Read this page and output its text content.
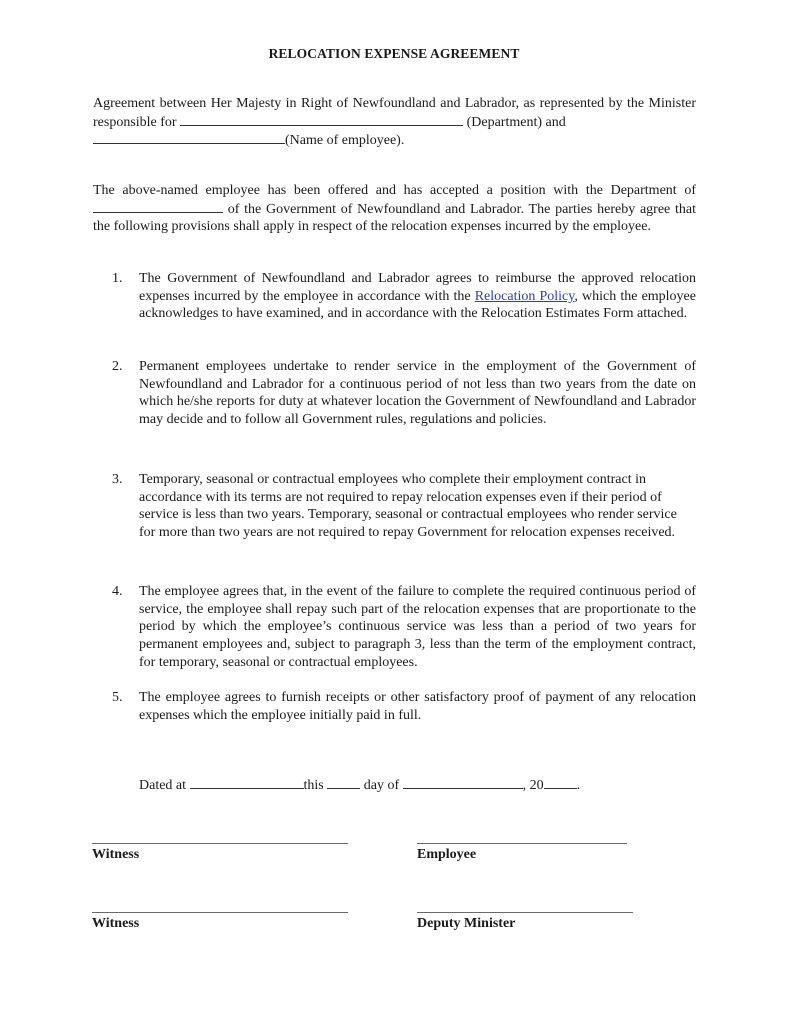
RELOCATION EXPENSE AGREEMENT
Agreement between Her Majesty in Right of Newfoundland and Labrador, as represented by the Minister responsible for	(Department) and
(Name of employee).
The above-named employee has been offered and has accepted a position with the Department of  of the Government of Newfoundland and Labrador. The parties hereby agree that the following provisions shall apply in respect of the relocation expenses incurred by the employee.
1. The Government of Newfoundland and Labrador agrees to reimburse the approved relocation expenses incurred by the employee in accordance with the Relocation Policy, which the employee acknowledges to have examined, and in accordance with the Relocation Estimates Form attached.
2. Permanent employees undertake to render service in the employment of the Government of Newfoundland and Labrador for a continuous period of not less than two years from the date on which he/she reports for duty at whatever location the Government of Newfoundland and Labrador may decide and to follow all Government rules, regulations and policies.
3. Temporary, seasonal or contractual employees who complete their employment contract in accordance with its terms are not required to repay relocation expenses even if their period of service is less than two years. Temporary, seasonal or contractual employees who render service for more than two years are not required to repay Government for relocation expenses received.
4. The employee agrees that, in the event of the failure to complete the required continuous period of service, the employee shall repay such part of the relocation expenses that are proportionate to the period by which the employee’s continuous service was less than a period of two years for permanent employees and, subject to paragraph 3, less than the term of the employment contract, for temporary, seasonal or contractual employees.
5. The employee agrees to furnish receipts or other satisfactory proof of payment of any relocation expenses which the employee initially paid in full.
Dated at	this	day of	, 20 .
Witness	Employee
Witness	Deputy Minister
